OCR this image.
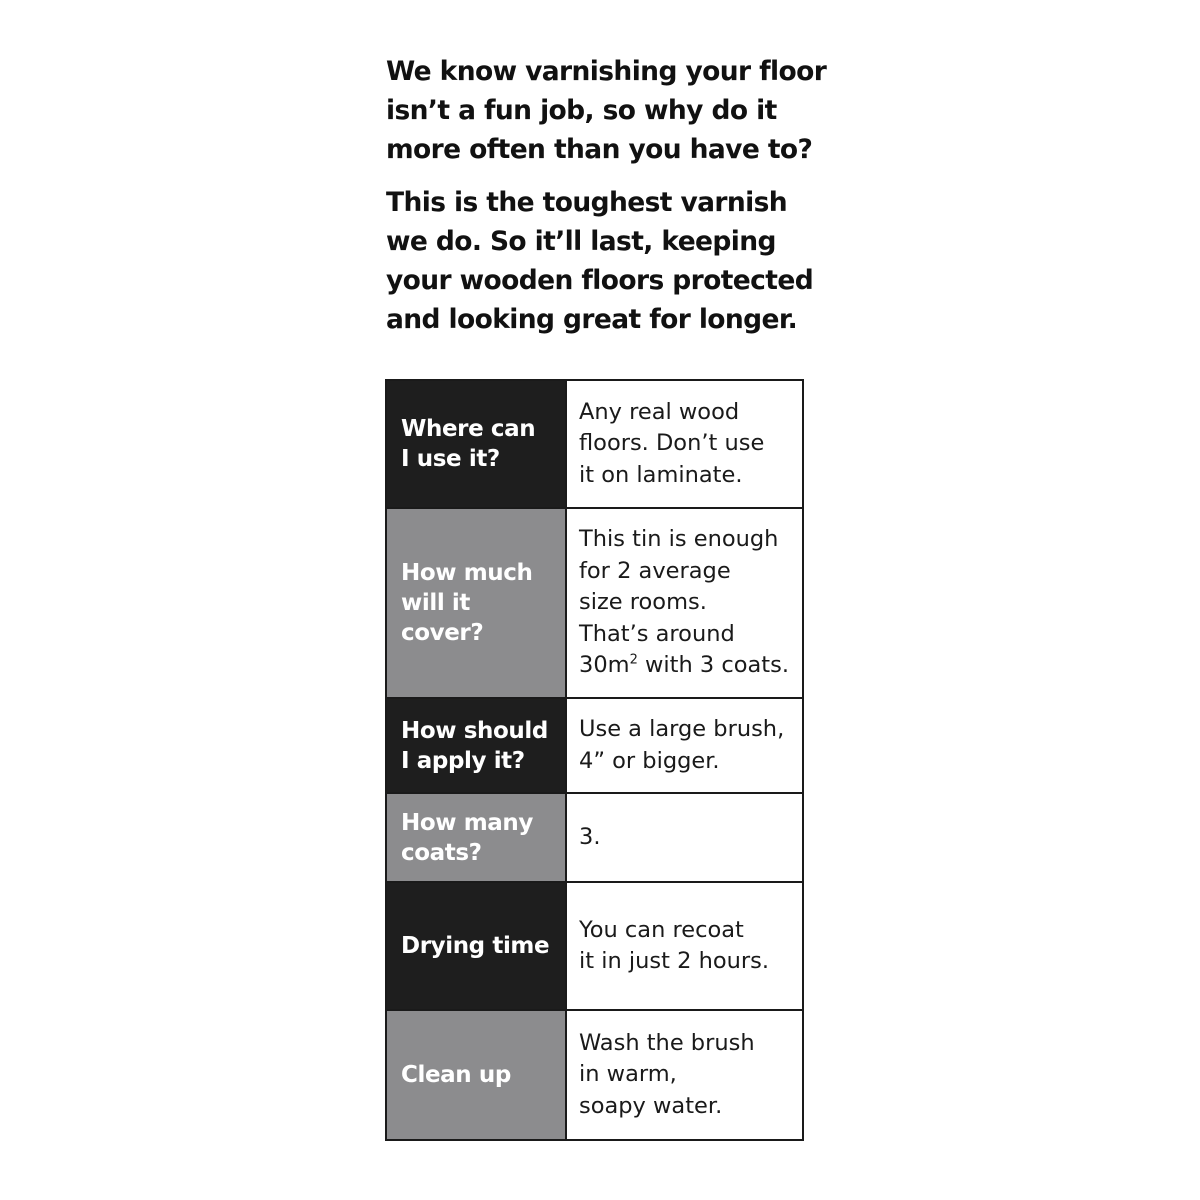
We know varnishing your floor
isn’t a fun job, so why do it
more often than you have to?

This is the toughest varnish
we do. So it’ll last, keeping
your wooden floors protected
and looking great for longer.

Where can
I use it?
Any real wood
floors. Don’t use
it on laminate.
How much
will it cover?
This tin is enough
for 2 average
size rooms.
That’s around
$30m^2$ with 3 coats.
How should
I apply it?
Use a large brush,
4” or bigger.
How many
coats?
3.
Drying time
You can recoat
it in just 2 hours.
Clean up
Wash the brush
in warm,
soapy water.
